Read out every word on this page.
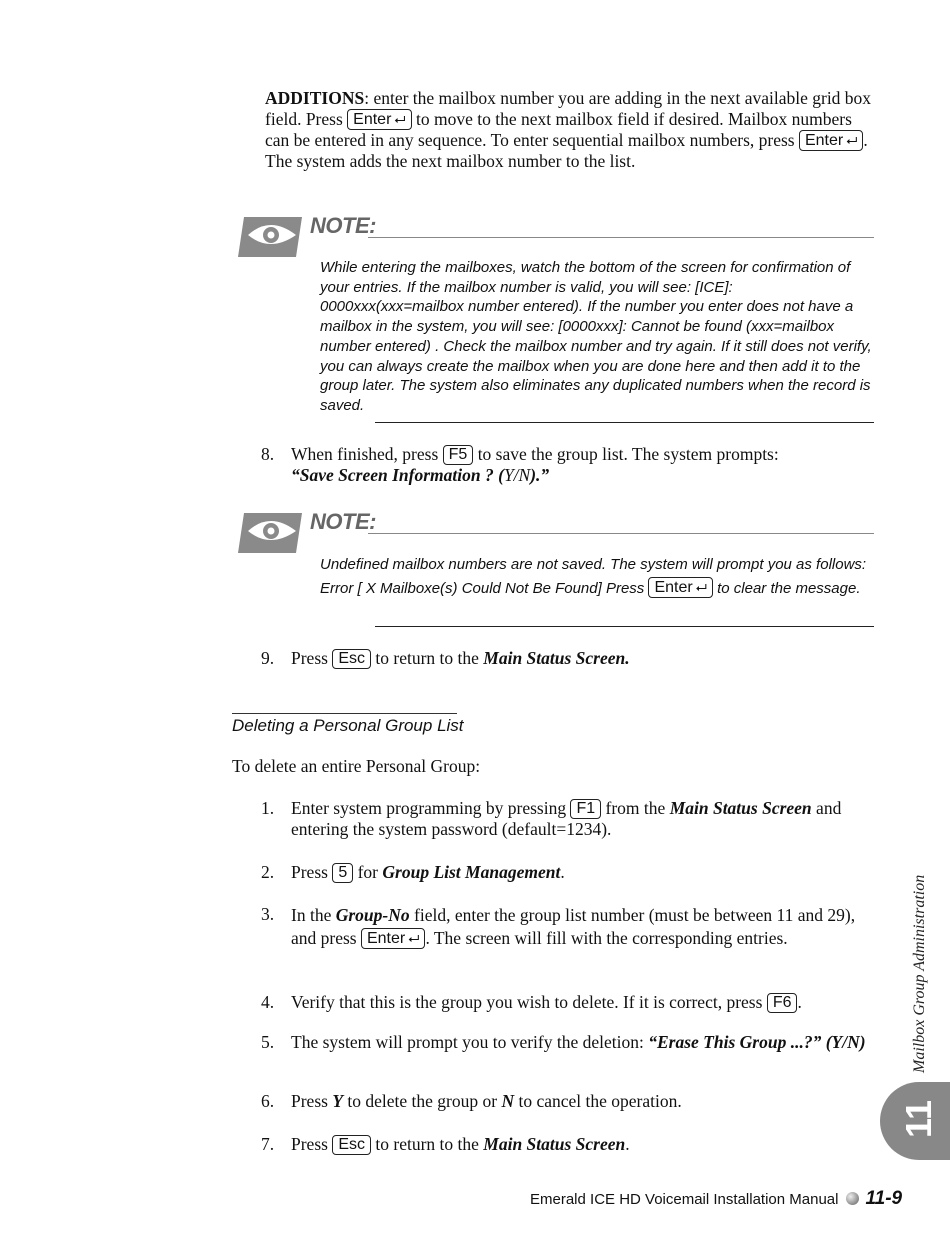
ADDITIONS: enter the mailbox number you are adding in the next available grid box field. Press Enter ⮠ to move to the next mailbox field if desired. Mailbox numbers can be entered in any sequence. To enter sequential mailbox numbers, press Enter ⮠ . The system adds the next mailbox number to the list.
NOTE:
While entering the mailboxes, watch the bottom of the screen for confirmation of your entries. If the mailbox number is valid, you will see: [ICE]: 0000xxx(xxx=mailbox number entered). If the number you enter does not have a mailbox in the system, you will see: [0000xxx]: Cannot be found (xxx=mailbox number entered) . Check the mailbox number and try again. If it still does not verify, you can always create the mailbox when you are done here and then add it to the group later. The system also eliminates any duplicated numbers when the record is saved.
8. When finished, press F5 to save the group list. The system prompts:
“Save Screen Information ? (Y/N).”
NOTE:
Undefined mailbox numbers are not saved. The system will prompt you as follows: Error [ X Mailboxe(s) Could Not Be Found] Press Enter ⮠ to clear the message.
9. Press Esc to return to the Main Status Screen.
Deleting a Personal Group List
To delete an entire Personal Group:
1. Enter system programming by pressing F1 from the Main Status Screen and entering the system password (default=1234).
2. Press 5 for Group List Management.
3. In the Group-No field, enter the group list number (must be between 11 and 29), and press Enter ⮠ . The screen will fill with the corresponding entries.
4. Verify that this is the group you wish to delete. If it is correct, press F6 .
5. The system will prompt you to verify the deletion: “Erase This Group ...?” (Y/N)
6. Press Y to delete the group or N to cancel the operation.
7. Press Esc to return to the Main Status Screen.
Mailbox Group Administration
11
Emerald ICE HD Voicemail Installation Manual 11-9
